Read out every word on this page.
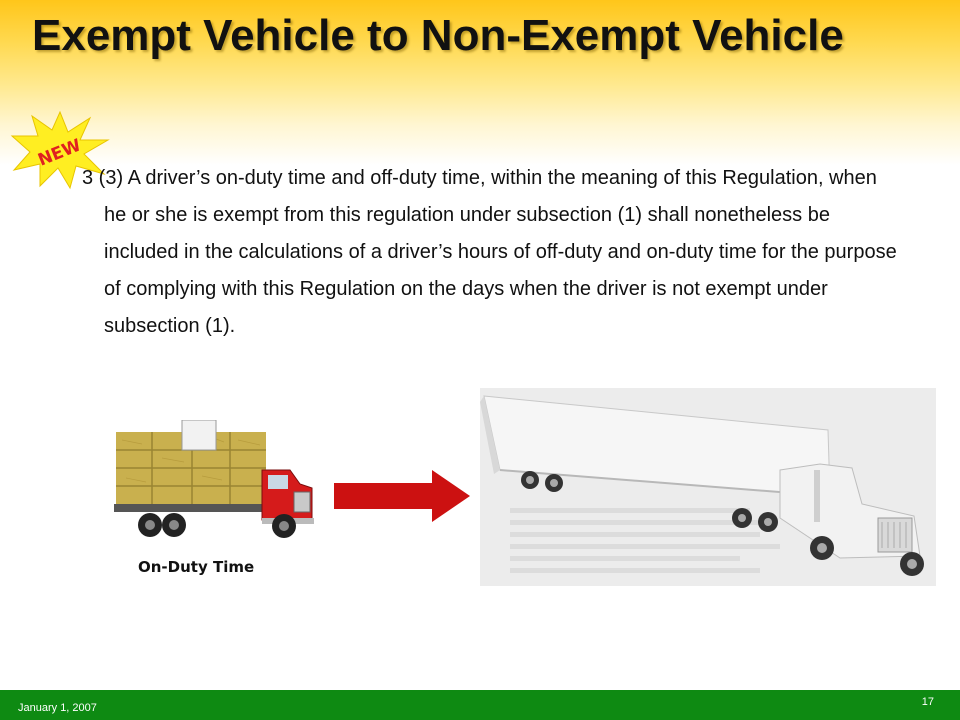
Exempt Vehicle to Non-Exempt Vehicle
NEW

3 (3) A driver’s on-duty time and off-duty time, within the meaning of this Regulation, when he or she is exempt from this regulation under subsection (1) shall nonetheless be included in the calculations of a driver’s hours of off-duty and on-duty time for the purpose of complying with this Regulation on the days when the driver is not exempt under subsection (1).

On-Duty Time
January 1, 2007	17
